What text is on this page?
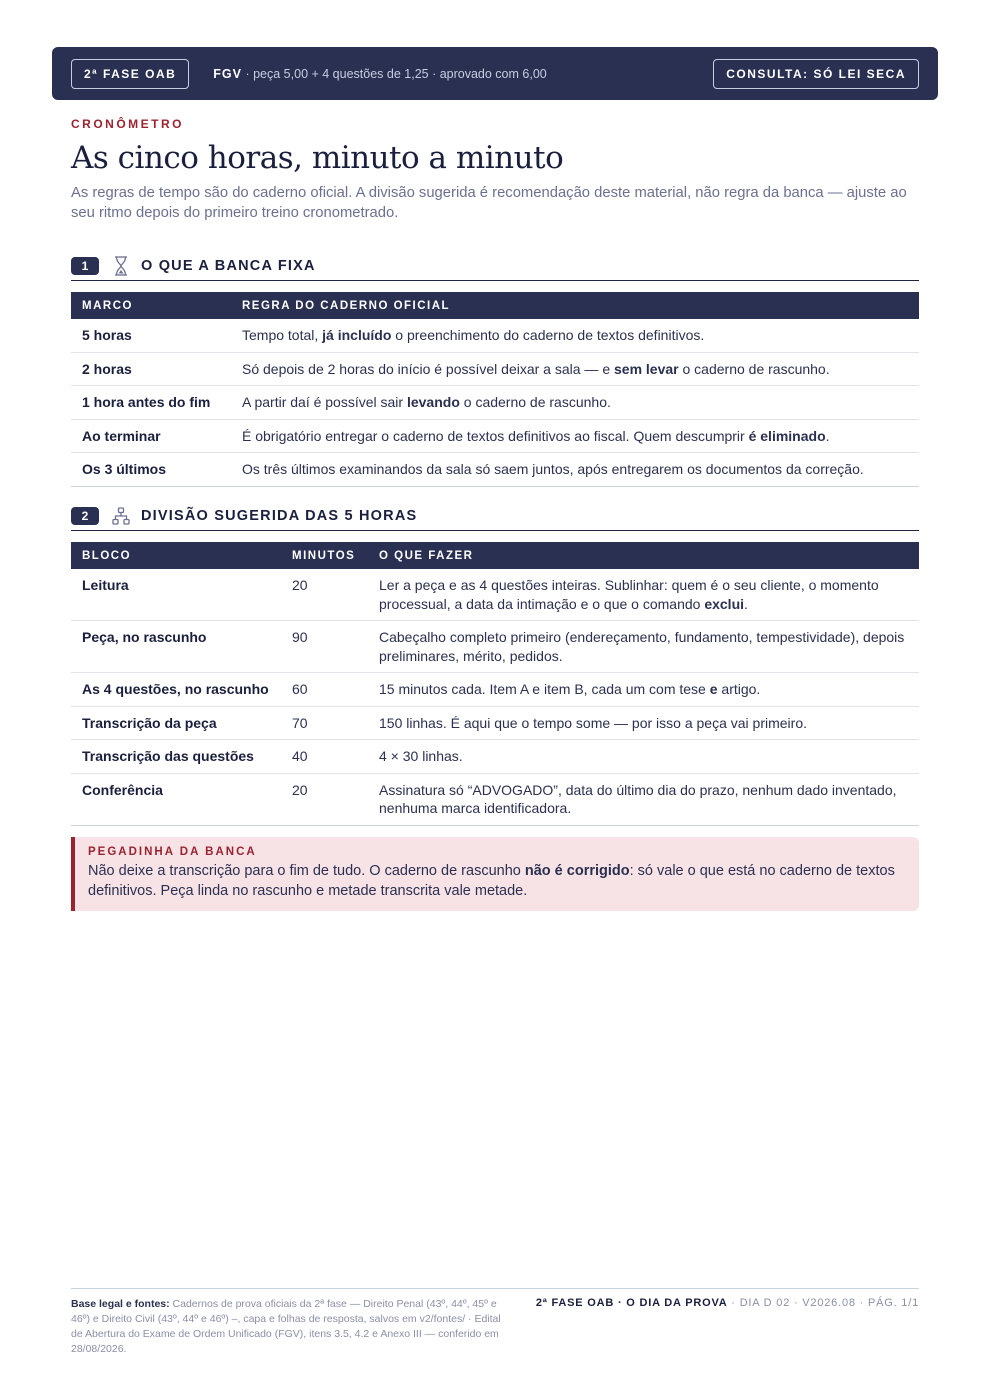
2ª FASE OAB	FGV · peça 5,00 + 4 questões de 1,25 · aprovado com 6,00	CONSULTA: SÓ LEI SECA
CRONÔMETRO
As cinco horas, minuto a minuto
As regras de tempo são do caderno oficial. A divisão sugerida é recomendação deste material, não regra da banca — ajuste ao seu ritmo depois do primeiro treino cronometrado.
1	O QUE A BANCA FIXA
MARCO	REGRA DO CADERNO OFICIAL
5 horas	Tempo total, já incluído o preenchimento do caderno de textos definitivos.
2 horas	Só depois de 2 horas do início é possível deixar a sala — e sem levar o caderno de rascunho.
1 hora antes do fim	A partir daí é possível sair levando o caderno de rascunho.
Ao terminar	É obrigatório entregar o caderno de textos definitivos ao fiscal. Quem descumprir é eliminado.
Os 3 últimos	Os três últimos examinandos da sala só saem juntos, após entregarem os documentos da correção.
2	DIVISÃO SUGERIDA DAS 5 HORAS
BLOCO	MINUTOS	O QUE FAZER
Leitura	20	Ler a peça e as 4 questões inteiras. Sublinhar: quem é o seu cliente, o momento processual, a data da intimação e o que o comando exclui.
Peça, no rascunho	90	Cabeçalho completo primeiro (endereçamento, fundamento, tempestividade), depois preliminares, mérito, pedidos.
As 4 questões, no rascunho	60	15 minutos cada. Item A e item B, cada um com tese e artigo.
Transcrição da peça	70	150 linhas. É aqui que o tempo some — por isso a peça vai primeiro.
Transcrição das questões	40	4 × 30 linhas.
Conferência	20	Assinatura só “ADVOGADO”, data do último dia do prazo, nenhum dado inventado, nenhuma marca identificadora.
PEGADINHA DA BANCA
Não deixe a transcrição para o fim de tudo. O caderno de rascunho não é corrigido: só vale o que está no caderno de textos definitivos. Peça linda no rascunho e metade transcrita vale metade.
Base legal e fontes: Cadernos de prova oficiais da 2ª fase — Direito Penal (43º, 44º, 45º e 46º) e Direito Civil (43º, 44º e 46º) –, capa e folhas de resposta, salvos em v2/fontes/ · Edital de Abertura do Exame de Ordem Unificado (FGV), itens 3.5, 4.2 e Anexo III — conferido em 28/08/2026.
2ª FASE OAB · O DIA DA PROVA · DIA D 02 · V2026.08 · PÁG. 1/1
